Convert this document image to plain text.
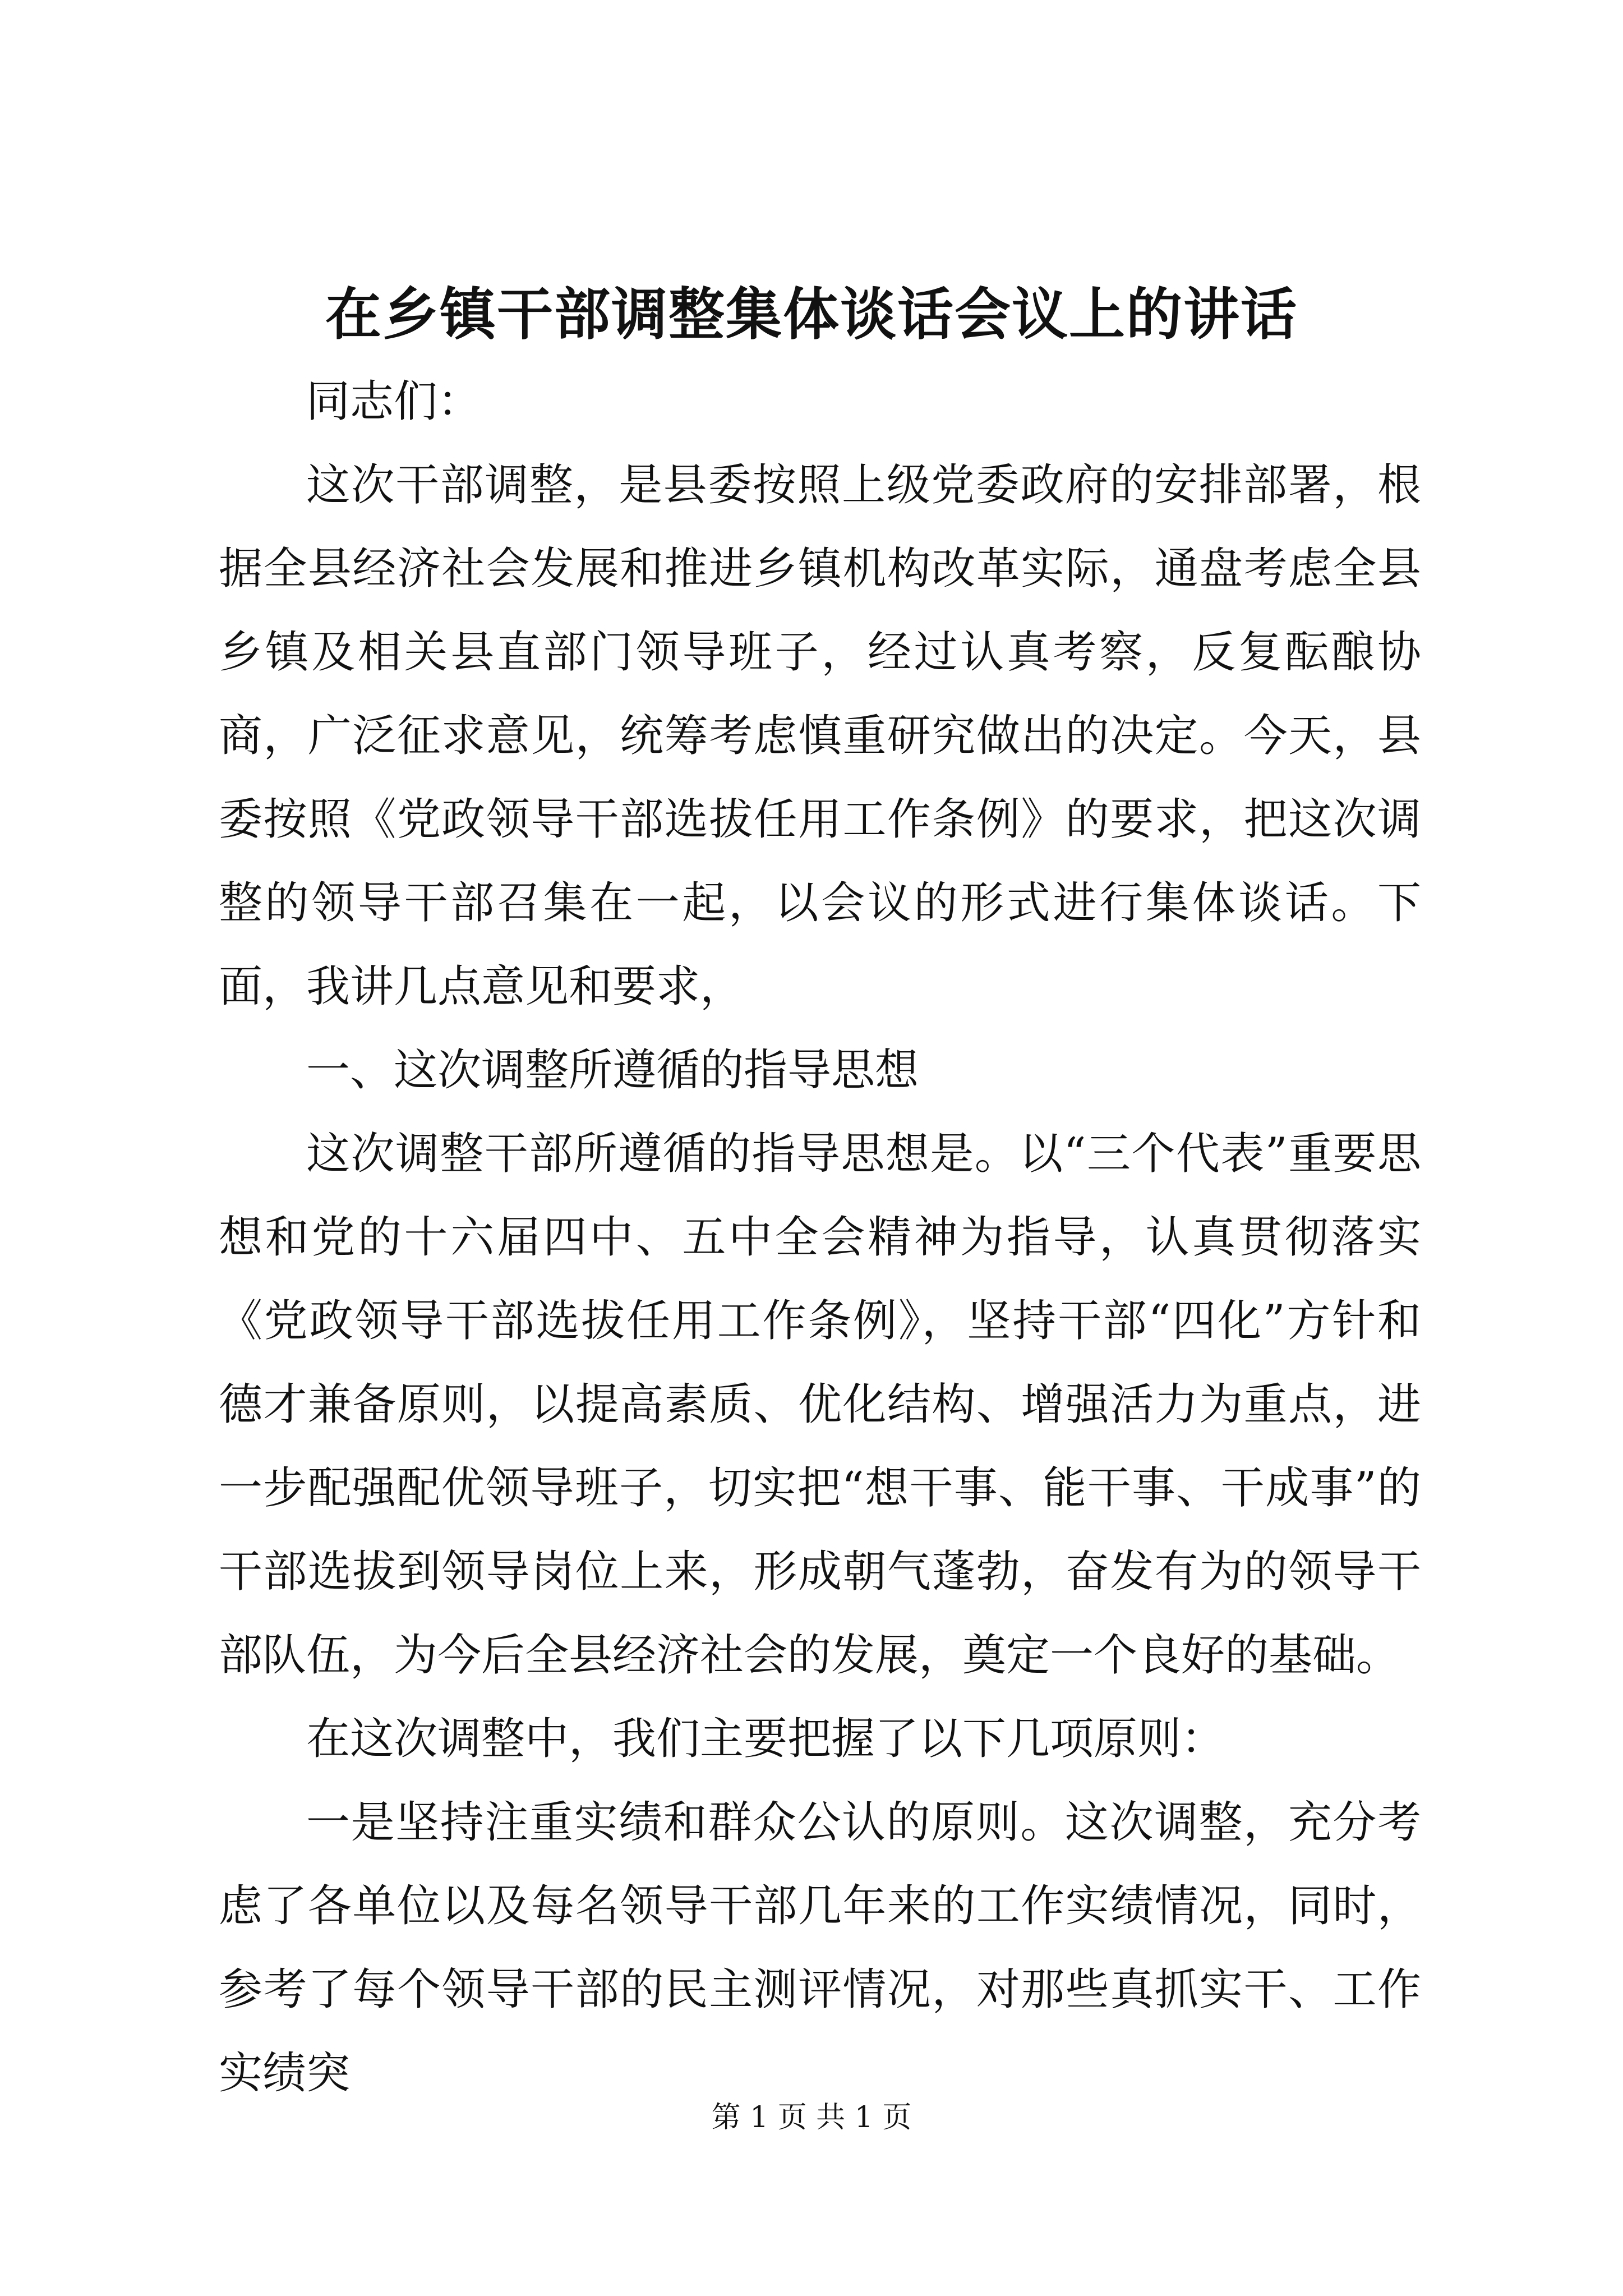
在乡镇干部调整集体谈话会议上的讲话

同志们：

这次干部调整，是县委按照上级党委政府的安排部署，根据全县经济社会发展和推进乡镇机构改革实际，通盘考虑全县乡镇及相关县直部门领导班子，经过认真考察，反复酝酿协商，广泛征求意见，统筹考虑慎重研究做出的决定。今天，县委按照《党政领导干部选拔任用工作条例》的要求，把这次调整的领导干部召集在一起，以会议的形式进行集体谈话。下面，我讲几点意见和要求，

一、这次调整所遵循的指导思想

这次调整干部所遵循的指导思想是。以“三个代表”重要思想和党的十六届四中、五中全会精神为指导，认真贯彻落实《党政领导干部选拔任用工作条例》，坚持干部“四化”方针和德才兼备原则，以提高素质、优化结构、增强活力为重点，进一步配强配优领导班子，切实把“想干事、能干事、干成事”的干部选拔到领导岗位上来，形成朝气蓬勃，奋发有为的领导干部队伍，为今后全县经济社会的发展，奠定一个良好的基础。

在这次调整中，我们主要把握了以下几项原则：

一是坚持注重实绩和群众公认的原则。这次调整，充分考虑了各单位以及每名领导干部几年来的工作实绩情况，同时，参考了每个领导干部的民主测评情况，对那些真抓实干、工作实绩突

第 1 页 共 1 页
